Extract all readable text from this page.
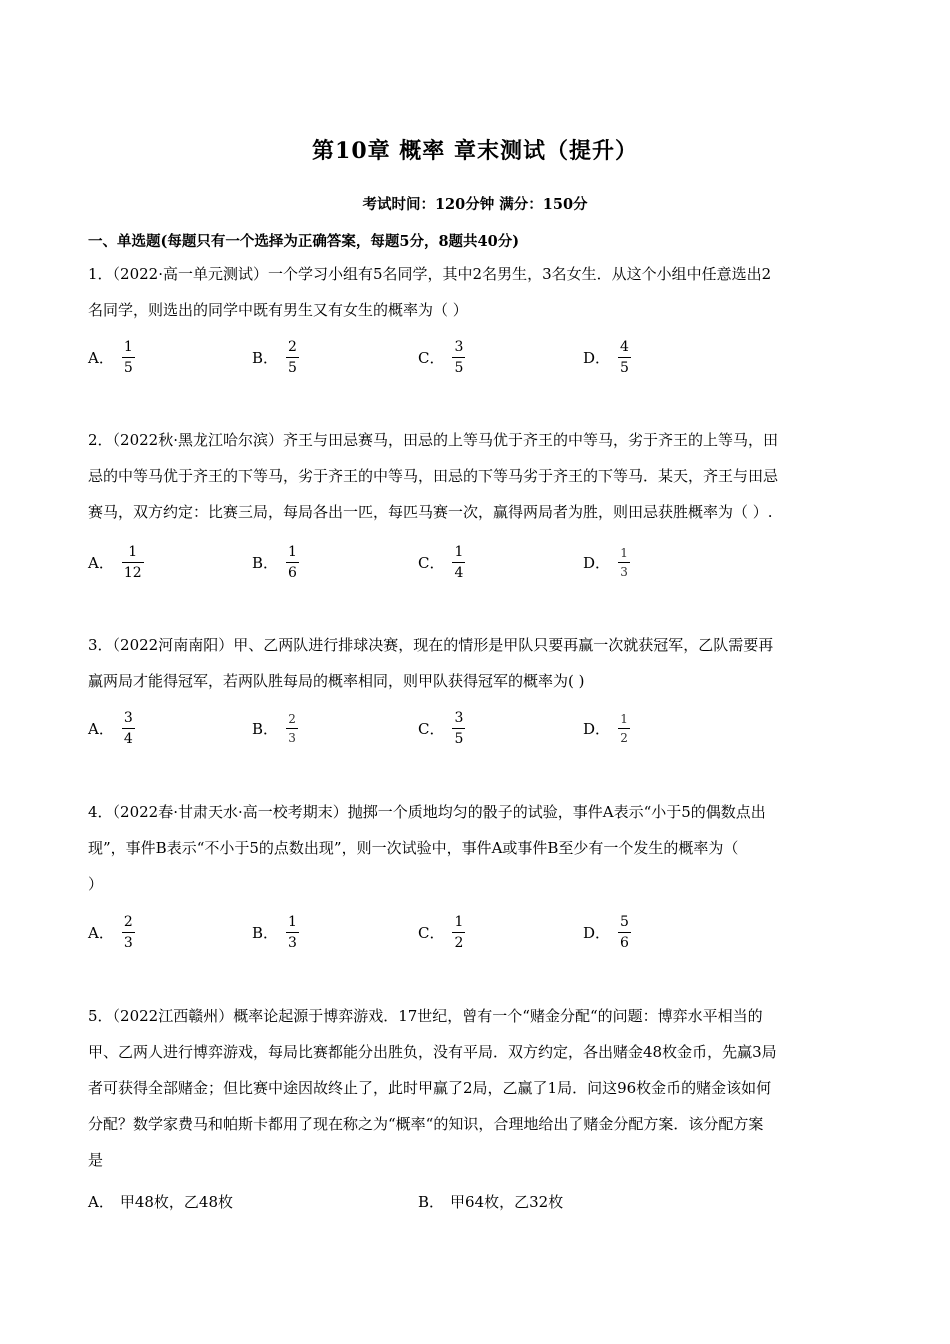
第10章 概率 章末测试（提升）
考试时间：120分钟 满分：150分
一、单选题(每题只有一个选择为正确答案，每题5分，8题共40分)

1．（2022·高一单元测试）一个学习小组有5名同学，其中2名男生，3名女生．从这个小组中任意选出2

名同学，则选出的同学中既有男生又有女生的概率为（ ）

A． $\frac{1}{5}$	B． $\frac{2}{5}$	C． $\frac{3}{5}$	D． $\frac{4}{5}$

2．（2022秋·黑龙江哈尔滨）齐王与田忌赛马，田忌的上等马优于齐王的中等马，劣于齐王的上等马，田

忌的中等马优于齐王的下等马，劣于齐王的中等马，田忌的下等马劣于齐王的下等马．某天，齐王与田忌

赛马，双方约定：比赛三局，每局各出一匹，每匹马赛一次，赢得两局者为胜，则田忌获胜概率为（ ）.

A． $\frac{1}{12}$	B． $\frac{1}{6}$	C． $\frac{1}{4}$	D． $\frac{1}{3}$

3．（2022河南南阳）甲、乙两队进行排球决赛，现在的情形是甲队只要再赢一次就获冠军，乙队需要再

赢两局才能得冠军，若两队胜每局的概率相同，则甲队获得冠军的概率为( )

A． $\frac{3}{4}$	B． $\frac{2}{3}$	C． $\frac{3}{5}$	D． $\frac{1}{2}$

4．（2022春·甘肃天水·高一校考期末）抛掷一个质地均匀的骰子的试验，事件A表示“小于5的偶数点出

现”，事件B表示“不小于5的点数出现”，则一次试验中，事件A或事件B至少有一个发生的概率为（

）

A． $\frac{2}{3}$	B． $\frac{1}{3}$	C． $\frac{1}{2}$	D． $\frac{5}{6}$

5．（2022江西赣州）概率论起源于博弈游戏．17世纪，曾有一个“赌金分配“的问题：博弈水平相当的

甲、乙两人进行博弈游戏，每局比赛都能分出胜负，没有平局．双方约定，各出赌金48枚金币，先赢3局

者可获得全部赌金；但比赛中途因故终止了，此时甲赢了2局，乙赢了1局．问这96枚金币的赌金该如何

分配？数学家费马和帕斯卡都用了现在称之为“概率“的知识，合理地给出了赌金分配方案．该分配方案

是

A． 甲48枚，乙48枚	B． 甲64枚，乙32枚
